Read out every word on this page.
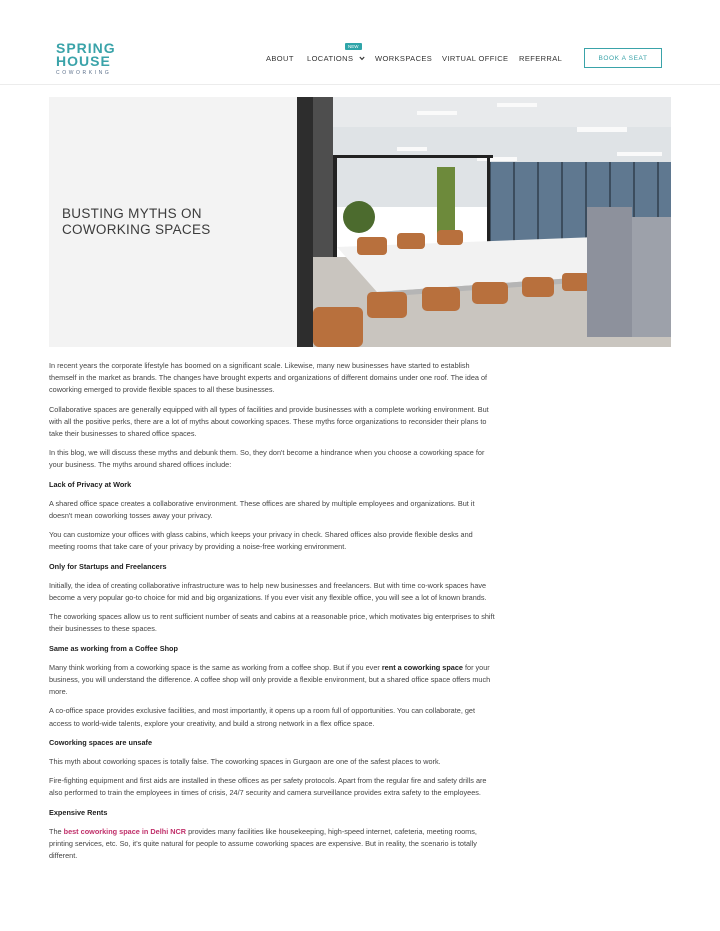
SPRING
HOUSE
COWORKING
NEW
ABOUT LOCATIONS	WORKSPACES VIRTUAL OFFICE REFERRAL	BOOK A SEAT
BUSTING MYTHS ON COWORKING SPACES

In recent years the corporate lifestyle has boomed on a significant scale. Likewise, many new businesses have started to establish themself in the market as brands. The changes have brought experts and organizations of different domains under one roof. The idea of coworking emerged to provide flexible spaces to all these businesses.

Collaborative spaces are generally equipped with all types of facilities and provide businesses with a complete working environment. But with all the positive perks, there are a lot of myths about coworking spaces. These myths force organizations to reconsider their plans to take their businesses to shared office spaces.

In this blog, we will discuss these myths and debunk them. So, they don't become a hindrance when you choose a coworking space for your business. The myths around shared offices include:

Lack of Privacy at Work

A shared office space creates a collaborative environment. These offices are shared by multiple employees and organizations. But it doesn't mean coworking tosses away your privacy.

You can customize your offices with glass cabins, which keeps your privacy in check. Shared offices also provide flexible desks and meeting rooms that take care of your privacy by providing a noise-free working environment.

Only for Startups and Freelancers

Initially, the idea of creating collaborative infrastructure was to help new businesses and freelancers. But with time co-work spaces have become a very popular go-to choice for mid and big organizations. If you ever visit any flexible office, you will see a lot of known brands.

The coworking spaces allow us to rent sufficient number of seats and cabins at a reasonable price, which motivates big enterprises to shift their businesses to these spaces.

Same as working from a Coffee Shop

Many think working from a coworking space is the same as working from a coffee shop. But if you ever rent a coworking space for your business, you will understand the difference. A coffee shop will only provide a flexible environment, but a shared office space offers much more.

A co-office space provides exclusive facilities, and most importantly, it opens up a room full of opportunities. You can collaborate, get access to world-wide talents, explore your creativity, and build a strong network in a flex office space.

Coworking spaces are unsafe

This myth about coworking spaces is totally false. The coworking spaces in Gurgaon are one of the safest places to work.

Fire-fighting equipment and first aids are installed in these offices as per safety protocols. Apart from the regular fire and safety drills are also performed to train the employees in times of crisis, 24/7 security and camera surveillance provides extra safety to the employees.

Expensive Rents

The best coworking space in Delhi NCR provides many facilities like housekeeping, high-speed internet, cafeteria, meeting rooms, printing services, etc. So, it's quite natural for people to assume coworking spaces are expensive. But in reality, the scenario is totally different.
